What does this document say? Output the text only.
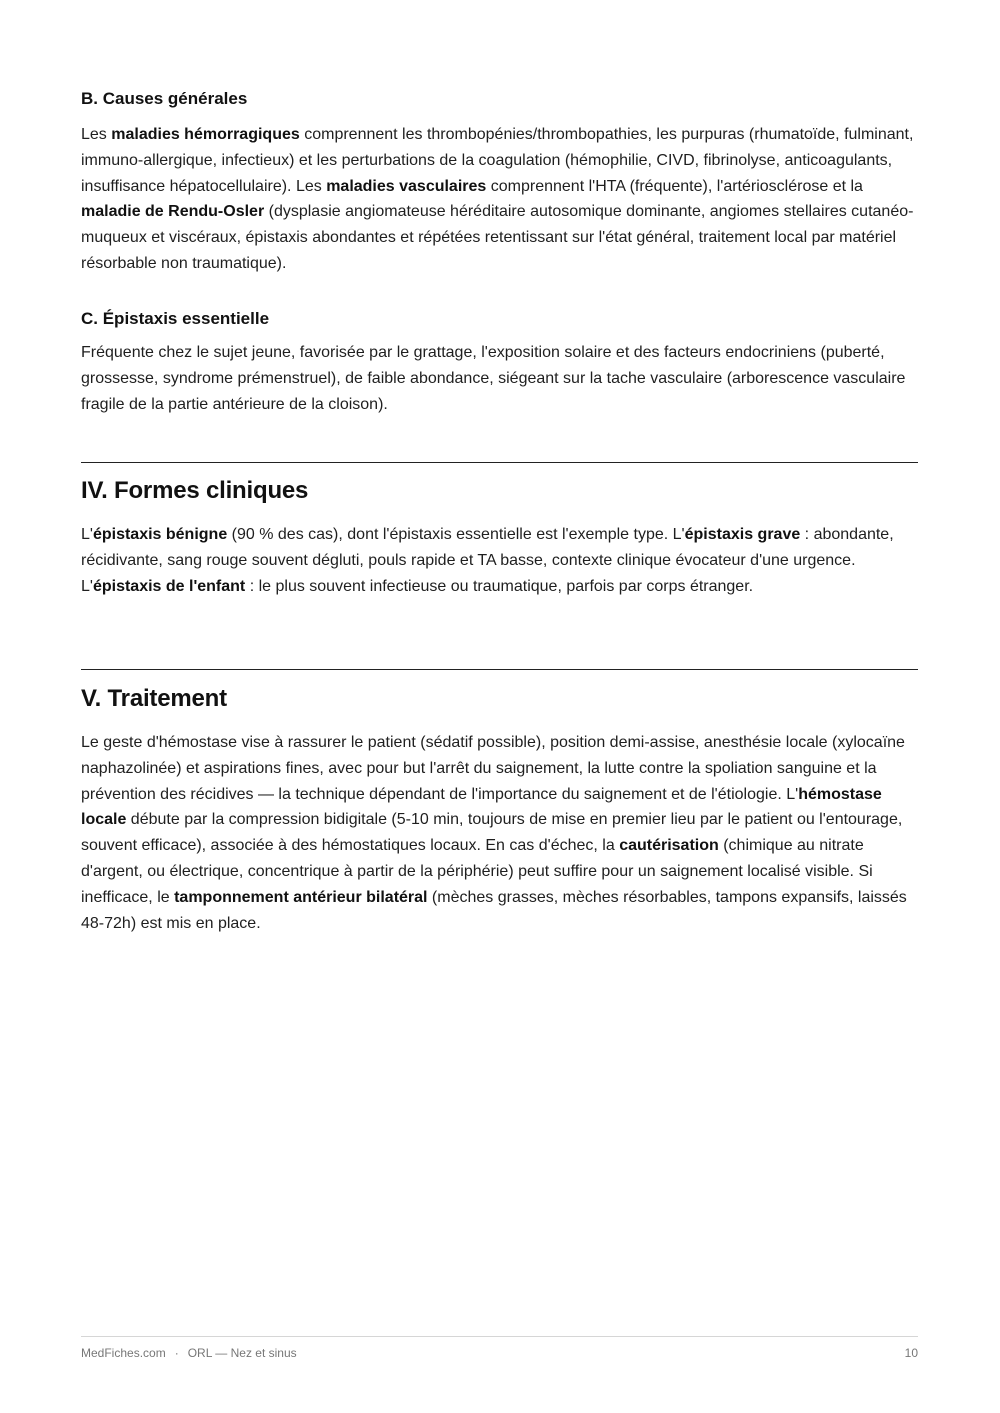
B. Causes générales

Les maladies hémorragiques comprennent les thrombopénies/thrombopathies, les purpuras (rhumatoïde, fulminant, immuno-allergique, infectieux) et les perturbations de la coagulation (hémophilie, CIVD, fibrinolyse, anticoagulants, insuffisance hépatocellulaire). Les maladies vasculaires comprennent l'HTA (fréquente), l'artériosclérose et la maladie de Rendu-Osler (dysplasie angiomateuse héréditaire autosomique dominante, angiomes stellaires cutanéo-muqueux et viscéraux, épistaxis abondantes et répétées retentissant sur l'état général, traitement local par matériel résorbable non traumatique).

C. Épistaxis essentielle

Fréquente chez le sujet jeune, favorisée par le grattage, l'exposition solaire et des facteurs endocriniens (puberté, grossesse, syndrome prémenstruel), de faible abondance, siégeant sur la tache vasculaire (arborescence vasculaire fragile de la partie antérieure de la cloison).

IV. Formes cliniques

L'épistaxis bénigne (90 % des cas), dont l'épistaxis essentielle est l'exemple type. L'épistaxis grave : abondante, récidivante, sang rouge souvent dégluti, pouls rapide et TA basse, contexte clinique évocateur d'une urgence. L'épistaxis de l'enfant : le plus souvent infectieuse ou traumatique, parfois par corps étranger.

V. Traitement

Le geste d'hémostase vise à rassurer le patient (sédatif possible), position demi-assise, anesthésie locale (xylocaïne naphazolinée) et aspirations fines, avec pour but l'arrêt du saignement, la lutte contre la spoliation sanguine et la prévention des récidives — la technique dépendant de l'importance du saignement et de l'étiologie. L'hémostase locale débute par la compression bidigitale (5-10 min, toujours de mise en premier lieu par le patient ou l'entourage, souvent efficace), associée à des hémostatiques locaux. En cas d'échec, la cautérisation (chimique au nitrate d'argent, ou électrique, concentrique à partir de la périphérie) peut suffire pour un saignement localisé visible. Si inefficace, le tamponnement antérieur bilatéral (mèches grasses, mèches résorbables, tampons expansifs, laissés 48-72h) est mis en place.

MedFiches.com · ORL — Nez et sinus	10
